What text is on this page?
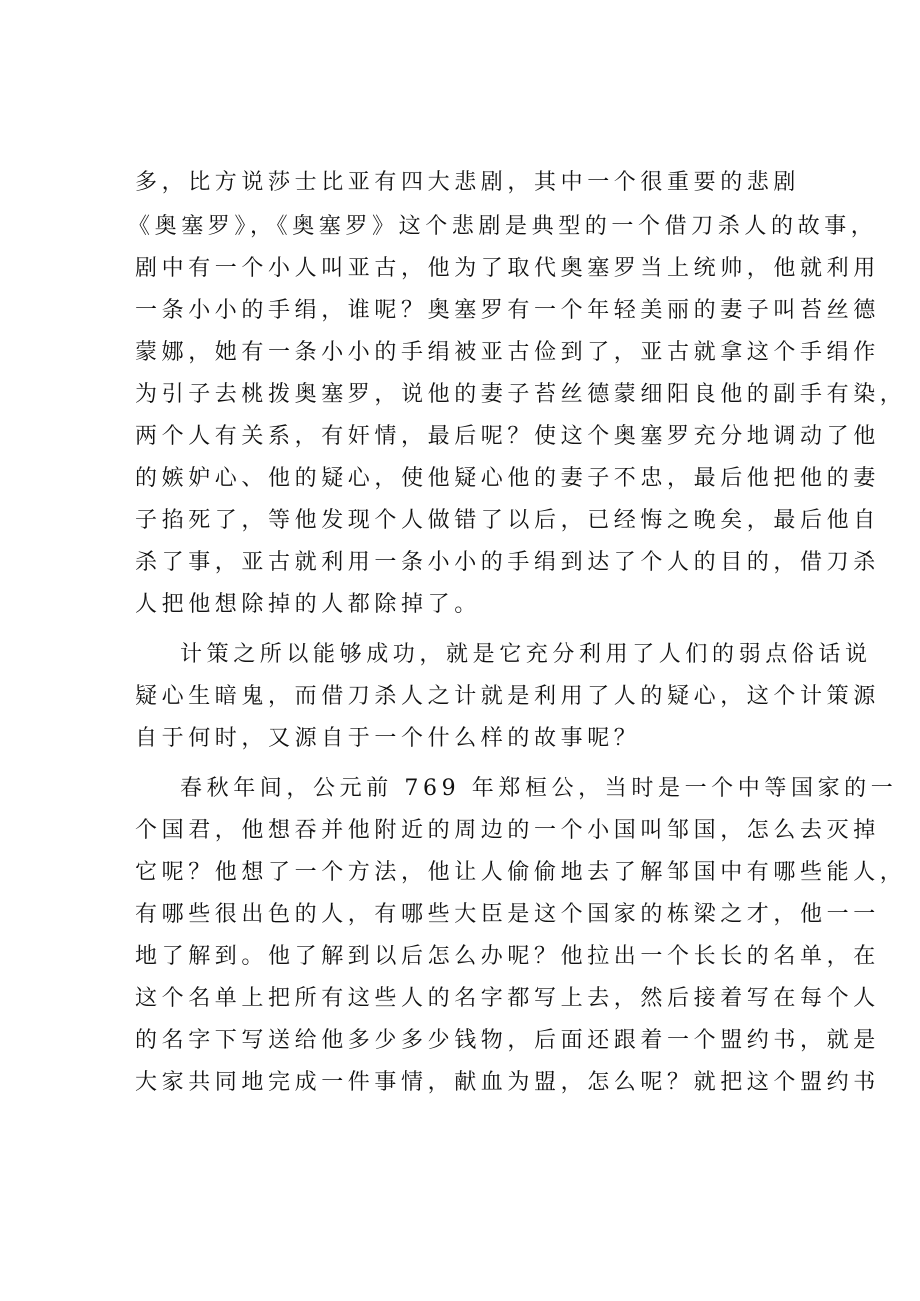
多，比方说莎士比亚有四大悲剧，其中一个很重要的悲剧
《奥塞罗》，《奥塞罗》这个悲剧是典型的一个借刀杀人的故事，
剧中有一个小人叫亚古，他为了取代奥塞罗当上统帅，他就利用
一条小小的手绢，谁呢？奥塞罗有一个年轻美丽的妻子叫苔丝德
蒙娜，她有一条小小的手绢被亚古俭到了，亚古就拿这个手绢作
为引子去桃拨奥塞罗，说他的妻子苔丝德蒙细阳良他的副手有染，
两个人有关系，有奸情，最后呢？使这个奥塞罗充分地调动了他
的嫉妒心、他的疑心，使他疑心他的妻子不忠，最后他把他的妻
子掐死了，等他发现个人做错了以后，已经悔之晚矣，最后他自
杀了事，亚古就利用一条小小的手绢到达了个人的目的，借刀杀
人把他想除掉的人都除掉了。
计策之所以能够成功，就是它充分利用了人们的弱点俗话说
疑心生暗鬼，而借刀杀人之计就是利用了人的疑心，这个计策源
自于何时，又源自于一个什么样的故事呢？
春秋年间，公元前 769 年郑桓公，当时是一个中等国家的一
个国君，他想吞并他附近的周边的一个小国叫邹国，怎么去灭掉
它呢？他想了一个方法，他让人偷偷地去了解邹国中有哪些能人，
有哪些很出色的人，有哪些大臣是这个国家的栋梁之才，他一一
地了解到。他了解到以后怎么办呢？他拉出一个长长的名单，在
这个名单上把所有这些人的名字都写上去，然后接着写在每个人
的名字下写送给他多少多少钱物，后面还跟着一个盟约书，就是
大家共同地完成一件事情，献血为盟，怎么呢？就把这个盟约书
